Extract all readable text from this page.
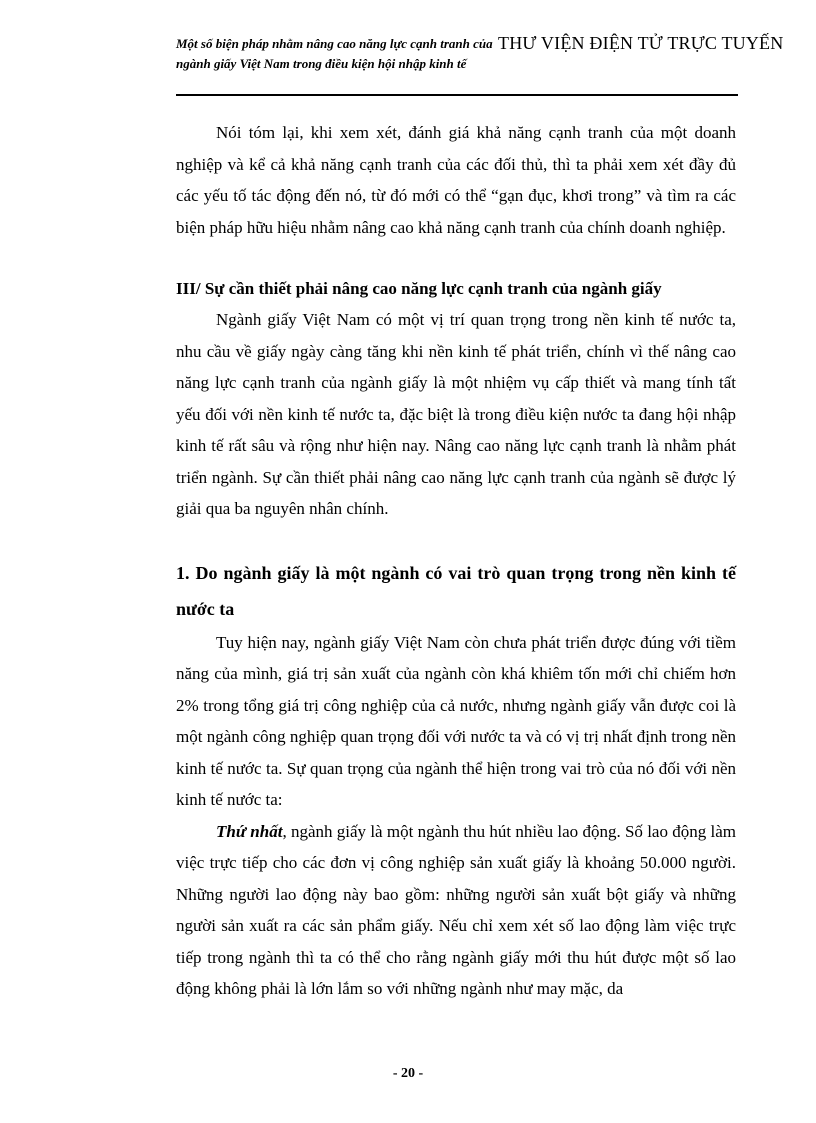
Một số biện pháp nhằm nâng cao năng lực cạnh tranh của
ngành giấy Việt Nam trong điều kiện hội nhập kinh tế
THƯ VIỆN ĐIỆN TỬ TRỰC TUYẾN

Nói tóm lại, khi xem xét, đánh giá khả năng cạnh tranh của một doanh nghiệp và kể cả khả năng cạnh tranh của các đối thủ, thì ta phải xem xét đầy đủ các yếu tố tác động đến nó, từ đó mới có thể “gạn đục, khơi trong” và tìm ra các biện pháp hữu hiệu nhằm nâng cao khả năng cạnh tranh của chính doanh nghiệp.

III/ Sự cần thiết phải nâng cao năng lực cạnh tranh của ngành giấy

Ngành giấy Việt Nam có một vị trí quan trọng trong nền kinh tế nước ta, nhu cầu về giấy ngày càng tăng khi nền kinh tế phát triển, chính vì thế nâng cao năng lực cạnh tranh của ngành giấy là một nhiệm vụ cấp thiết và mang tính tất yếu đối với nền kinh tế nước ta, đặc biệt là trong điều kiện nước ta đang hội nhập kinh tế rất sâu và rộng như hiện nay. Nâng cao năng lực cạnh tranh là nhằm phát triển ngành. Sự cần thiết phải nâng cao năng lực cạnh tranh của ngành sẽ được lý giải qua ba nguyên nhân chính.

1. Do ngành giấy là một ngành có vai trò quan trọng trong nền kinh tế nước ta

Tuy hiện nay, ngành giấy Việt Nam còn chưa phát triển được đúng với tiềm năng của mình, giá trị sản xuất của ngành còn khá khiêm tốn mới chỉ chiếm hơn 2% trong tổng giá trị công nghiệp của cả nước, nhưng ngành giấy vẫn được coi là một ngành công nghiệp quan trọng đối với nước ta và có vị trị nhất định trong nền kinh tế nước ta. Sự quan trọng của ngành thể hiện trong vai trò của nó đối với nền kinh tế nước ta:

Thứ nhất, ngành giấy là một ngành thu hút nhiều lao động. Số lao động làm việc trực tiếp cho các đơn vị công nghiệp sản xuất giấy là khoảng 50.000 người. Những người lao động này bao gồm: những người sản xuất bột giấy và những người sản xuất ra các sản phẩm giấy. Nếu chỉ xem xét số lao động làm việc trực tiếp trong ngành thì ta có thể cho rằng ngành giấy mới thu hút được một số lao động không phải là lớn lắm so với những ngành như may mặc, da

- 20 -
